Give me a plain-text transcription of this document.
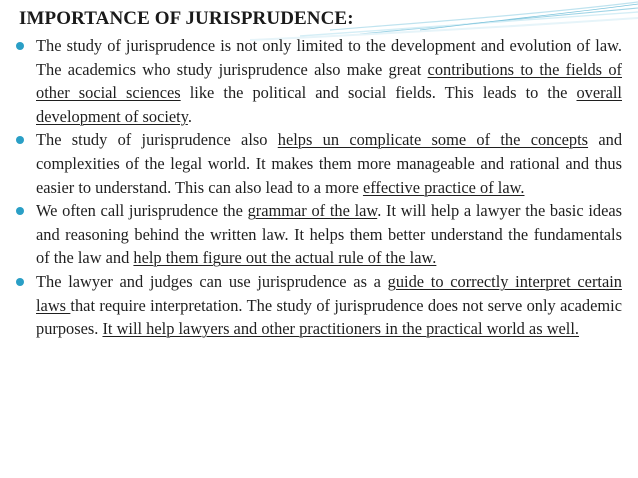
IMPORTANCE OF JURISPRUDENCE:
The study of jurisprudence is not only limited to the development and evolution of law. The academics who study jurisprudence also make great contributions to the fields of other social sciences like the political and social fields. This leads to the overall development of society.
The study of jurisprudence also helps un complicate some of the concepts and complexities of the legal world. It makes them more manageable and rational and thus easier to understand. This can also lead to a more effective practice of law.
We often call jurisprudence the grammar of the law. It will help a lawyer the basic ideas and reasoning behind the written law. It helps them better understand the fundamentals of the law and help them figure out the actual rule of the law.
The lawyer and judges can use jurisprudence as a guide to correctly interpret certain laws that require interpretation. The study of jurisprudence does not serve only academic purposes. It will help lawyers and other practitioners in the practical world as well.
